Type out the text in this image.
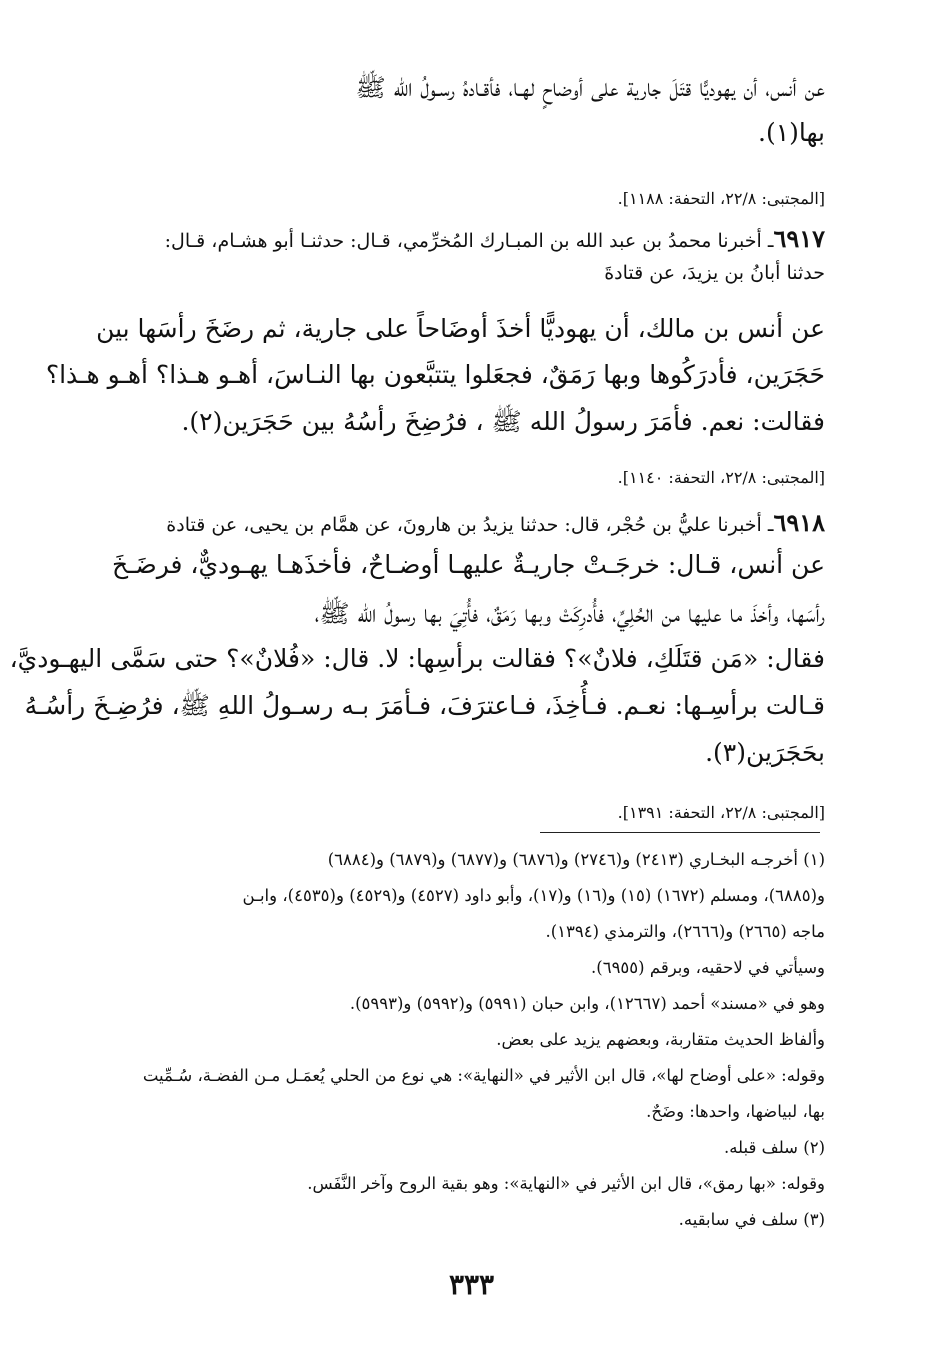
عن أنس، أن يهوديًّا قتَلَ جارية على أوضاحٍ لهـا، فأقـادهُ رسـولُ الله ﷺ
بها(١).
[المجتبى: ٢٢/٨، التحفة: ١١٨٨].
٦٩١٧ـ أخبرنا محمدُ بن عبد الله بن المبـارك المُخرِّمي، قـال: حدثنـا أبو هشـام، قـال:
حدثنا أبانُ بن يزيدَ، عن قتادةَ
عن أنس بن مالك، أن يهوديًّا أخذَ أوضَاحاً على جارية، ثم رضَخَ رأسَها بين
حَجَرَين، فأدرَكُوها وبها رَمَقٌ، فجعَلوا يتتبَّعون بها النـاسَ، أهـو هـذا؟ أهـو هـذا؟
فقالت: نعم. فأمَرَ رسولُ الله ﷺ ، فرُضِخَ رأسُهُ بين حَجَرَين(٢).
[المجتبى: ٢٢/٨، التحفة: ١١٤٠].
٦٩١٨ـ أخبرنا عليُّ بن حُجْر، قال: حدثنا يزيدُ بن هارونَ، عن همَّام بن يحيى، عن قتادة
عن أنس، قـال: خرجَـتْ جاريـةٌ عليهـا أوضـاحٌ، فأخذَهـا يهـوديٌّ، فرضَـخَ
رأسَها، وأخذَ ما عليها من الحُلِيِّ، فأُدرِكَتْ وبها رَمَقٌ، فأُتِيَ بها رسولُ الله ﷺ،
فقال: «مَن قتَلَكِ، فلانٌ»؟ فقالت برأسِها: لا. قال: «فُلانٌ»؟ حتى سَمَّى اليهـوديَّ،
قـالت برأسِـها: نعـم. فـأُخِذَ، فـاعترَفَ، فـأمَرَ بـه رسـولُ اللهِ ﷺ، فرُضِـخَ رأسُـهُ
بحَجَرَين(٣).
[المجتبى: ٢٢/٨، التحفة: ١٣٩١].
(١) أخرجـه البخـاري (٢٤١٣) و(٢٧٤٦) و(٦٨٧٦) و(٦٨٧٧) و(٦٨٧٩) و(٦٨٨٤)
و(٦٨٨٥)، ومسلم (١٦٧٢) (١٥) و(١٦) و(١٧)، وأبو داود (٤٥٢٧) و(٤٥٢٩) و(٤٥٣٥)، وابـن
ماجه (٢٦٦٥) و(٢٦٦٦)، والترمذي (١٣٩٤).
وسيأتي في لاحقيه، وبرقم (٦٩٥٥).
وهو في «مسند» أحمد (١٢٦٦٧)، وابن حبان (٥٩٩١) و(٥٩٩٢) و(٥٩٩٣).
وألفاظ الحديث متقاربة، وبعضهم يزيد على بعض.
وقوله: «على أوضاح لها»، قال ابن الأثير في «النهاية»: هي نوع من الحلي يُعمَـل مـن الفضـة، سُـمِّيت
بها، لبياضها، واحدها: وضَحٌ.
(٢) سلف قبله.
وقوله: «بها رمق»، قال ابن الأثير في «النهاية»: وهو بقية الروح وآخر النَّفَس.
(٣) سلف في سابقيه.
٣٣٣
